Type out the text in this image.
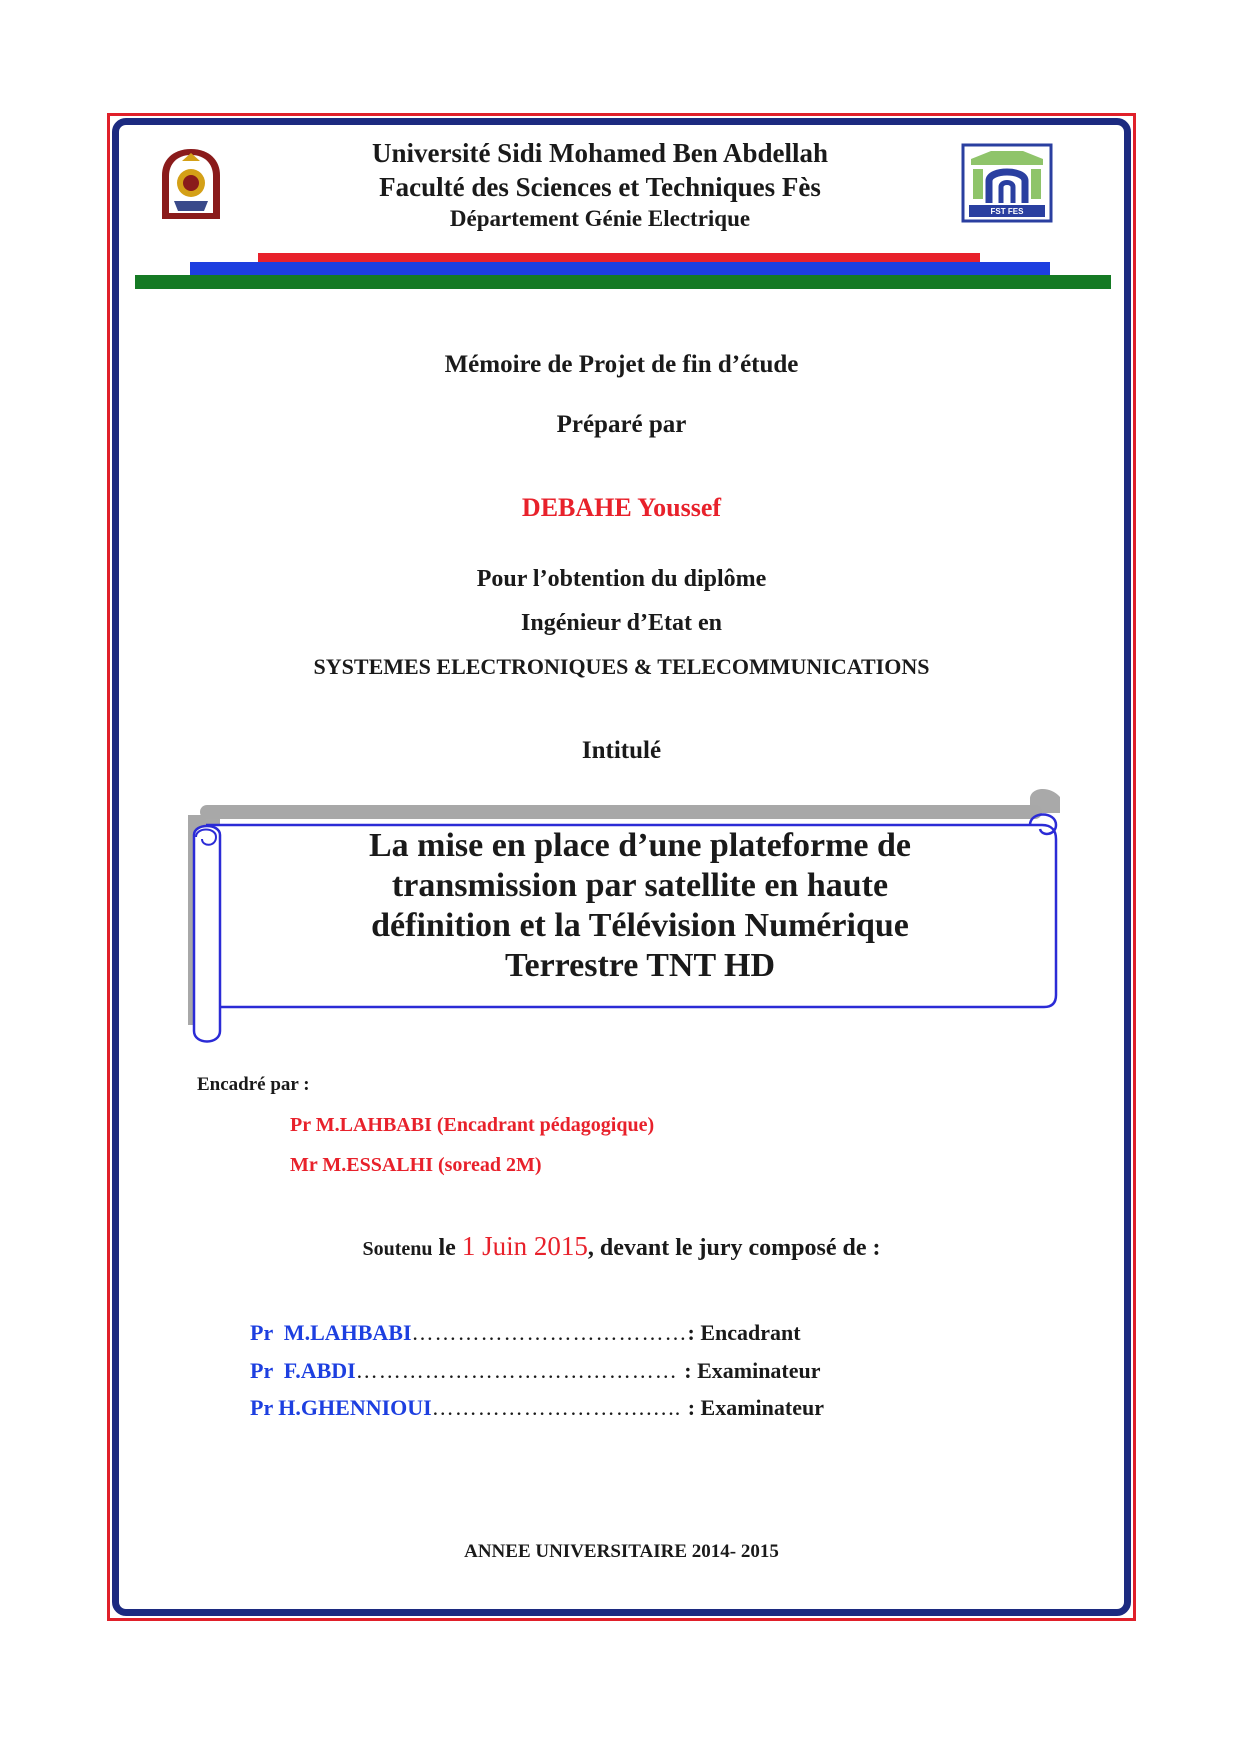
FST FES
Université Sidi Mohamed Ben Abdellah
Faculté des Sciences et Techniques Fès
Département Génie Electrique
Mémoire de Projet de fin d’étude
Préparé par
DEBAHE Youssef
Pour l’obtention du diplôme
Ingénieur d’Etat en
SYSTEMES ELECTRONIQUES & TELECOMMUNICATIONS
Intitulé
La mise en place d’une plateforme de
transmission par satellite en haute
définition et la Télévision Numérique
Terrestre TNT HD
Encadré par :
Pr M.LAHBABI (Encadrant pédagogique)
Mr M.ESSALHI (soread 2M)
Soutenu le 1 Juin 2015, devant le jury composé de :
Pr  M.LAHBABI………………………………: Encadrant
Pr  F.ABDI…………………………………… : Examinateur
Pr H.GHENNIOUI……………………….….. : Examinateur
ANNEE UNIVERSITAIRE 2014- 2015
